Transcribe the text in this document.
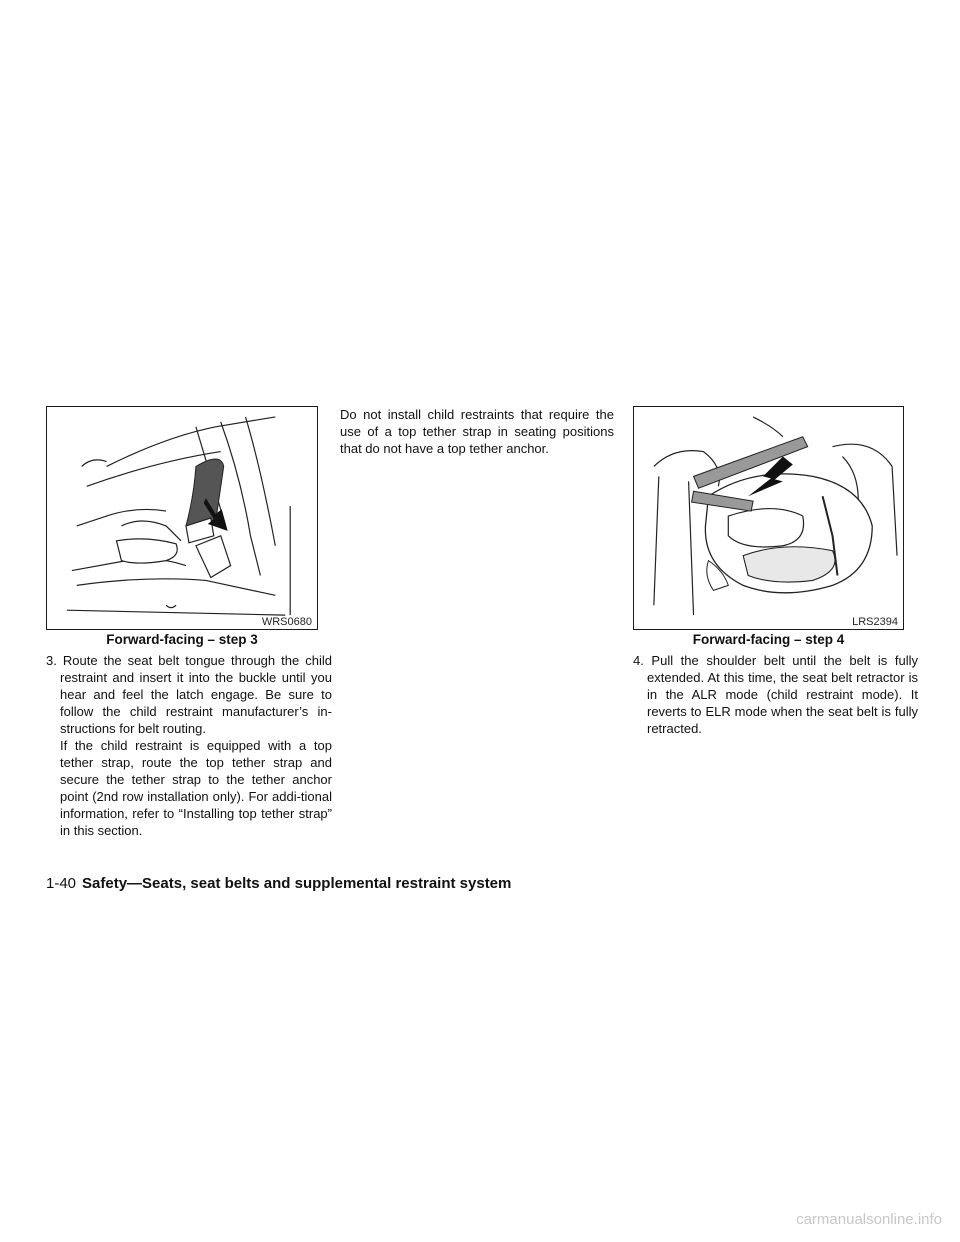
WRS0680
Forward-facing – step 3
3. Route the seat belt tongue through the child restraint and insert it into the buckle until you hear and feel the latch engage. Be sure to follow the child restraint manufacturer’s in-structions for belt routing.
If the child restraint is equipped with a top tether strap, route the top tether strap and secure the tether strap to the tether anchor point (2nd row installation only). For addi-tional information, refer to “Installing top tether strap” in this section.
Do not install child restraints that require the use of a top tether strap in seating positions that do not have a top tether anchor.
LRS2394
Forward-facing – step 4
4. Pull the shoulder belt until the belt is fully extended. At this time, the seat belt retractor is in the ALR mode (child restraint mode). It reverts to ELR mode when the seat belt is fully retracted.
1-40 Safety—Seats, seat belts and supplemental restraint system
carmanualsonline.info
